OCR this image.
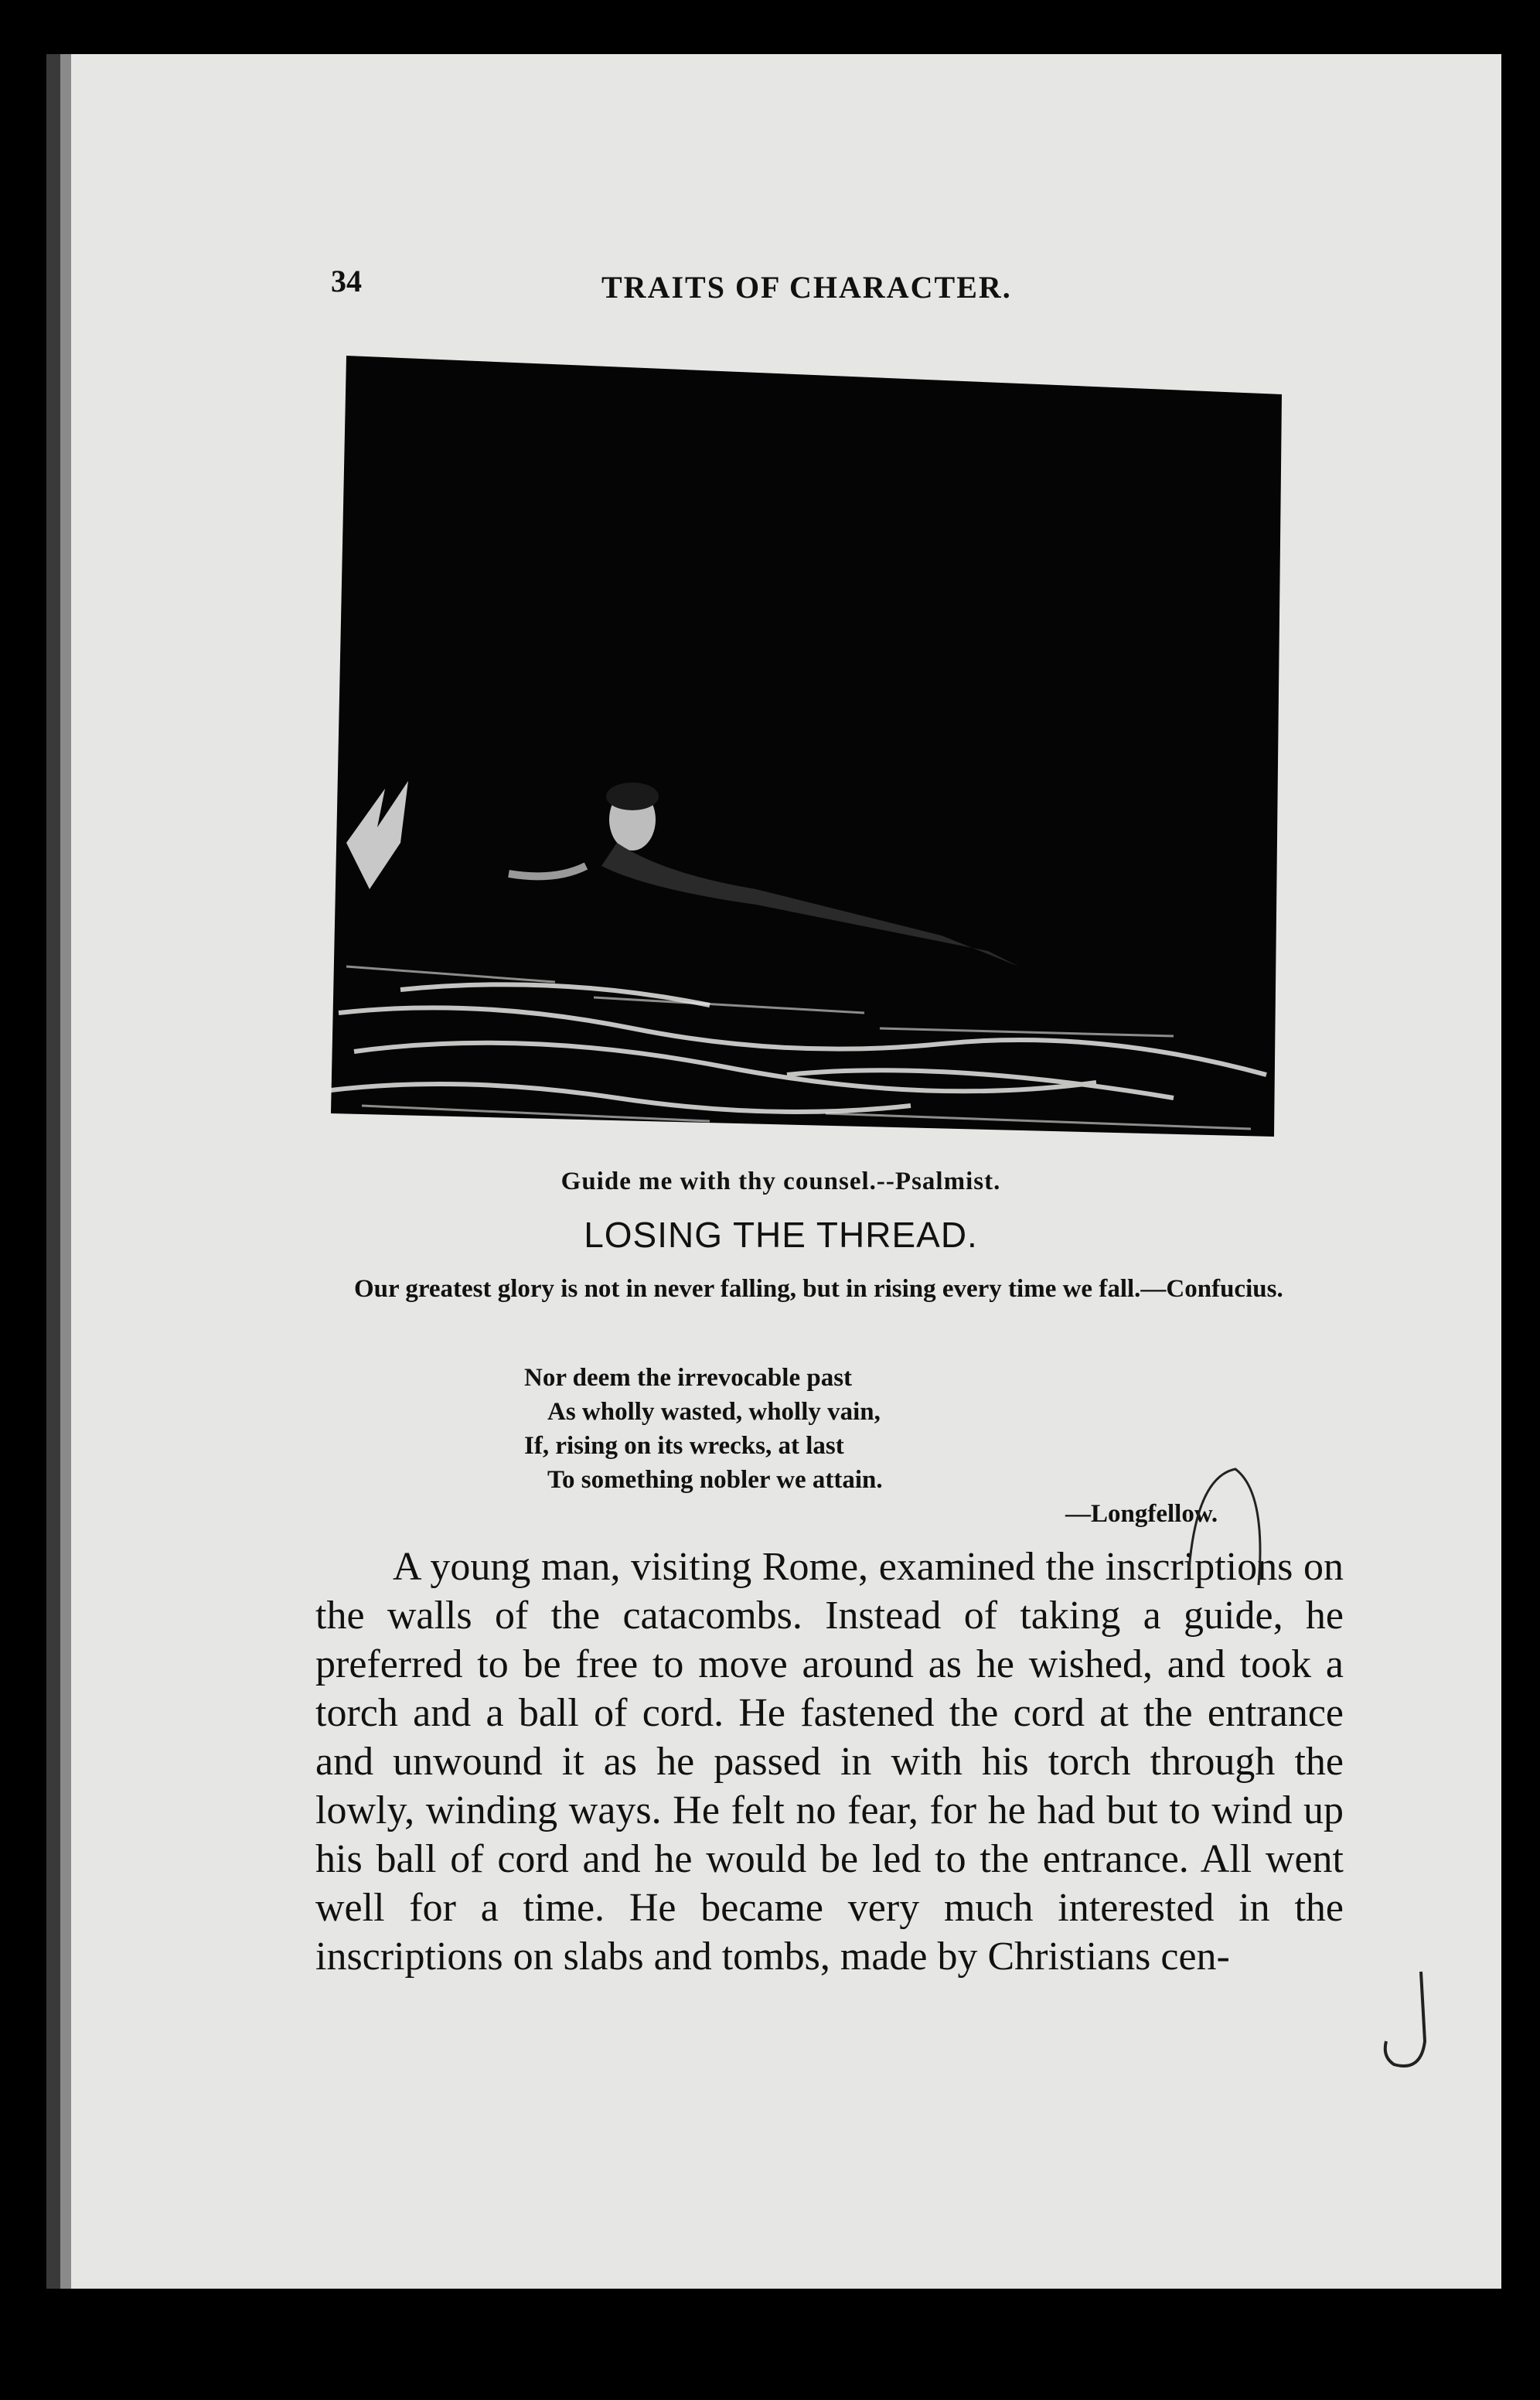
34	TRAITS OF CHARACTER.
Guide me with thy counsel.--Psalmist.
LOSING THE THREAD.
Our greatest glory is not in never falling, but in rising every time we fall.—Confucius.
Nor deem the irrevocable past
As wholly wasted, wholly vain,
If, rising on its wrecks, at last
To something nobler we attain.
—Longfellow.
A young man, visiting Rome, examined the inscriptions on the walls of the catacombs. Instead of taking a guide, he preferred to be free to move around as he wished, and took a torch and a ball of cord. He fastened the cord at the entrance and unwound it as he passed in with his torch through the lowly, winding ways. He felt no fear, for he had but to wind up his ball of cord and he would be led to the entrance. All went well for a time. He became very much interested in the inscriptions on slabs and tombs, made by Christians cen-
